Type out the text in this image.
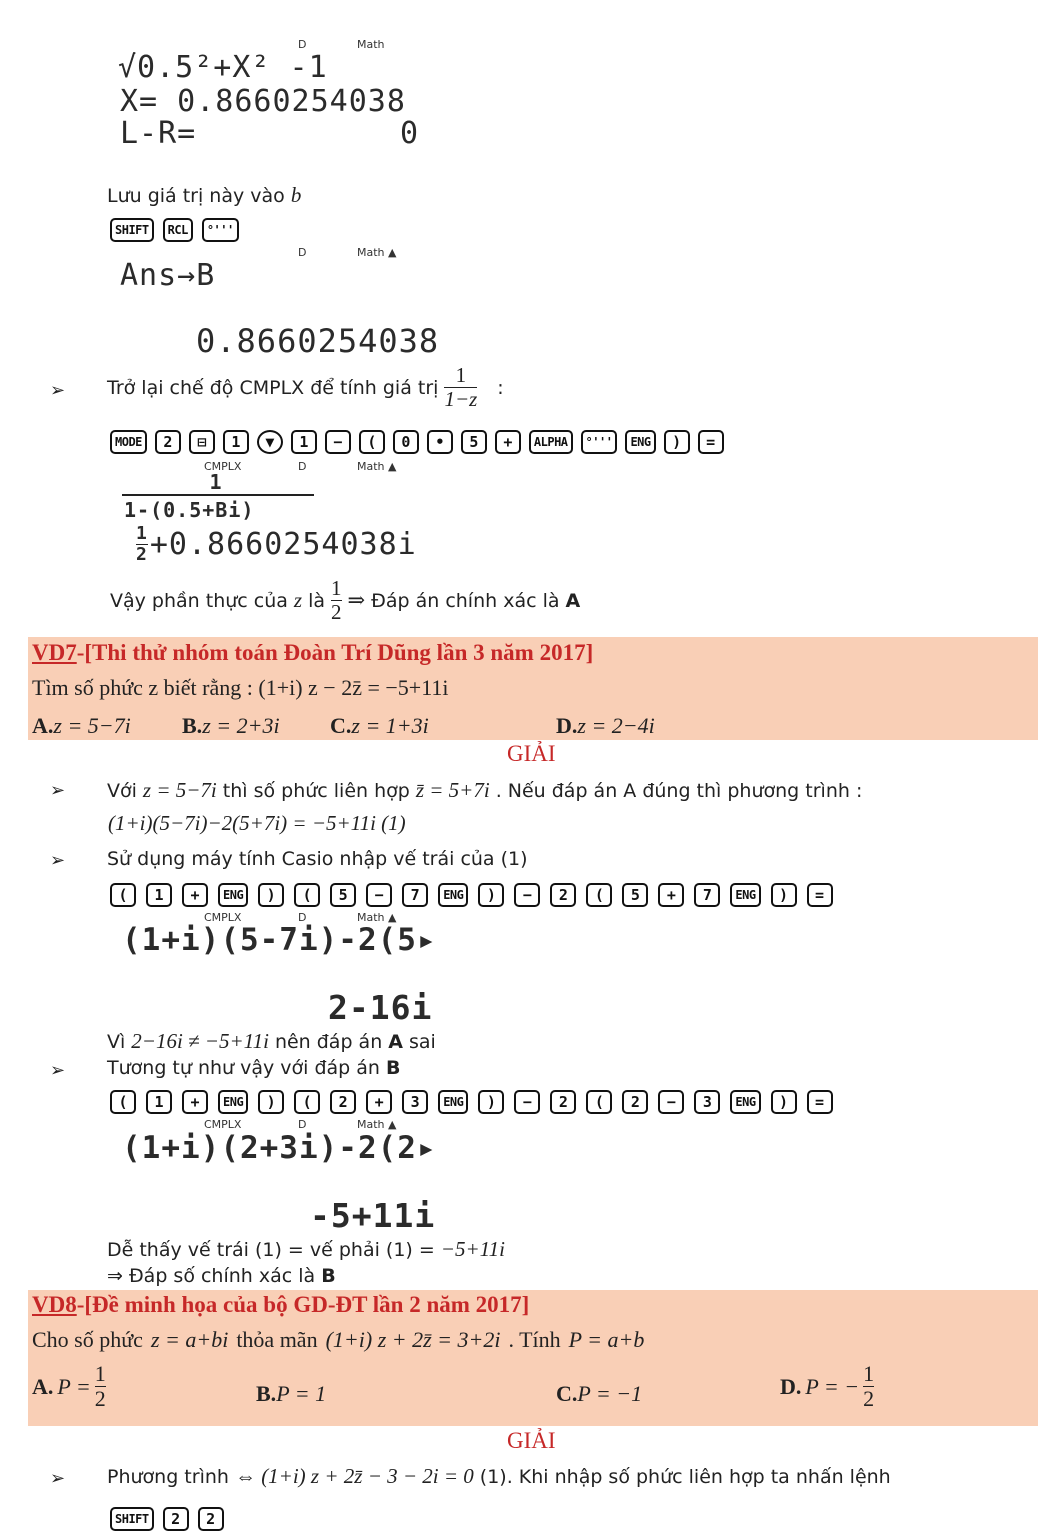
D	Math
√0.5²+X² -1
X= 0.8660254038
L-R=	0
Lưu giá trị này vào b
SHIFT	RCL	°'''
D	Math ▲
Ans→B
0.8660254038
➢ Trở lại chế độ CMPLX để tính giá trị $\frac{1}{1-z}$ :
MODE	2	⊟	1	▼	1	−	(	0	•	5	+	ALPHA	°'''	ENG	)	=
CMPLX	D	Math ▲
1
1-(0.5+Bi)
$\frac{1}{2} +0.8660254038i$
Vậy phần thực của z là $\frac{1}{2}$ ⇒ Đáp án chính xác là A
VD7-[Thi thử nhóm toán Đoàn Trí Dũng lần 3 năm 2017]
Tìm số phức z biết rằng : (1+i) z − 2z̄ = −5+11i
A.z = 5−7i B.z = 2+3i C.z = 1+3i	D.z = 2−4i
GIẢI
➢ Với z = 5−7i thì số phức liên hợp z̄ = 5+7i . Nếu đáp án A đúng thì phương trình :
(1+i)(5−7i)−2(5+7i) = −5+11i (1)
➢ Sử dụng máy tính Casio nhập vế trái của (1)
(	1	+	ENG	)	(	5	−	7	ENG	)	−	2	(	5	+	7	ENG	)	=
CMPLX	D	Math ▲
(1+i)(5-7i)-2(5▸
2-16i
Vì 2−16i ≠ −5+11i nên đáp án A sai
➢ Tương tự như vậy với đáp án B
(	1	+	ENG	)	(	2	+	3	ENG	)	−	2	(	2	−	3	ENG	)	=
CMPLX	D	Math ▲
(1+i)(2+3i)-2(2▸
-5+11i
Dễ thấy vế trái (1) = vế phải (1) = −5+11i
⇒ Đáp số chính xác là B
VD8-[Đề minh họa của bộ GD-ĐT lần 2 năm 2017]
Cho số phức z = a+bi thỏa mãn (1+i) z + 2z̄ = 3+2i . Tính P = a+b
A. $P = \frac{1}{2}$	B.P = 1	C.P = −1	D. P = − $\frac{1}{2}$
GIẢI
➢ Phương trình ⇔ (1+i) z + 2z̄ − 3 − 2i = 0 (1). Khi nhập số phức liên hợp ta nhấn lệnh
SHIFT	2	2
